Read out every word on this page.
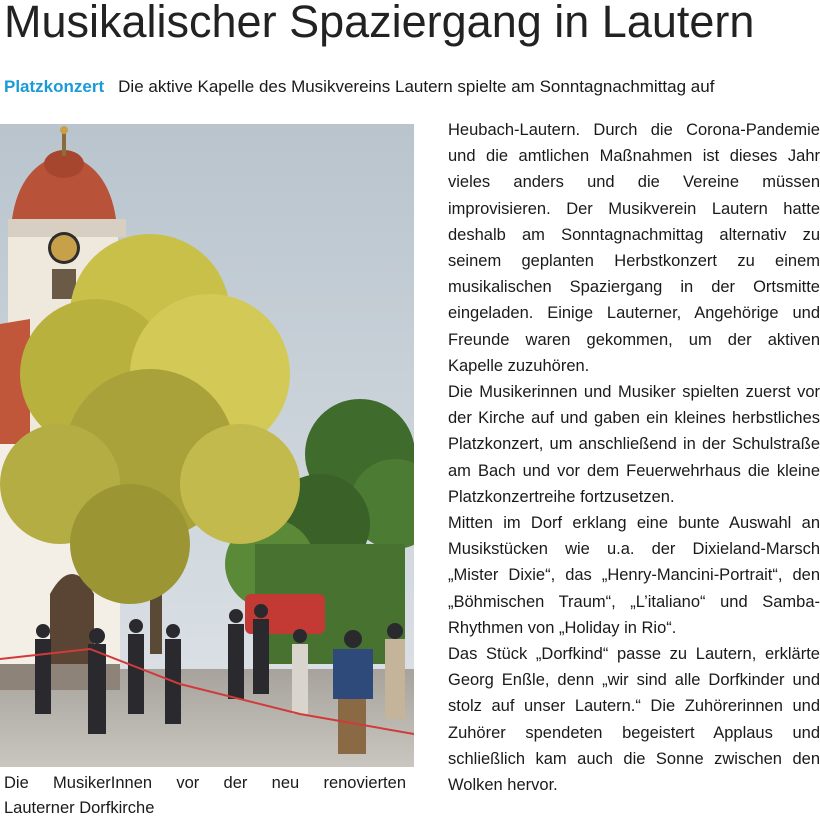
Musikalischer Spaziergang in Lautern
Platzkonzert Die aktive Kapelle des Musikvereins Lautern spielte am Sonntagnachmittag auf
Die MusikerInnen vor der neu renovierten
Lauterner Dorfkirche

Heubach-Lautern. Durch die Corona-Pandemie und die amtlichen Maßnahmen ist dieses Jahr vieles anders und die Vereine müssen improvisieren. Der Musikverein Lautern hatte deshalb am Sonntagnachmittag alternativ zu seinem geplanten Herbstkonzert zu einem musikalischen Spaziergang in der Ortsmitte eingeladen. Einige Lauterner, Angehörige und Freunde waren gekommen, um der aktiven Kapelle zuzuhören.

Die Musikerinnen und Musiker spielten zuerst vor der Kirche auf und gaben ein kleines herbstliches Platzkonzert, um anschließend in der Schulstraße am Bach und vor dem Feuerwehrhaus die kleine Platzkonzertreihe fortzusetzen.

Mitten im Dorf erklang eine bunte Auswahl an Musikstücken wie u.a. der Dixieland-Marsch „Mister Dixie“, das „Henry-Mancini-Portrait“, den „Böhmischen Traum“, „L’italiano“ und Samba-Rhythmen von „Holiday in Rio“.

Das Stück „Dorfkind“ passe zu Lautern, erklärte Georg Enßle, denn „wir sind alle Dorfkinder und stolz auf unser Lautern.“ Die Zuhörerinnen und Zuhörer spendeten begeistert Applaus und schließlich kam auch die Sonne zwischen den Wolken hervor.
